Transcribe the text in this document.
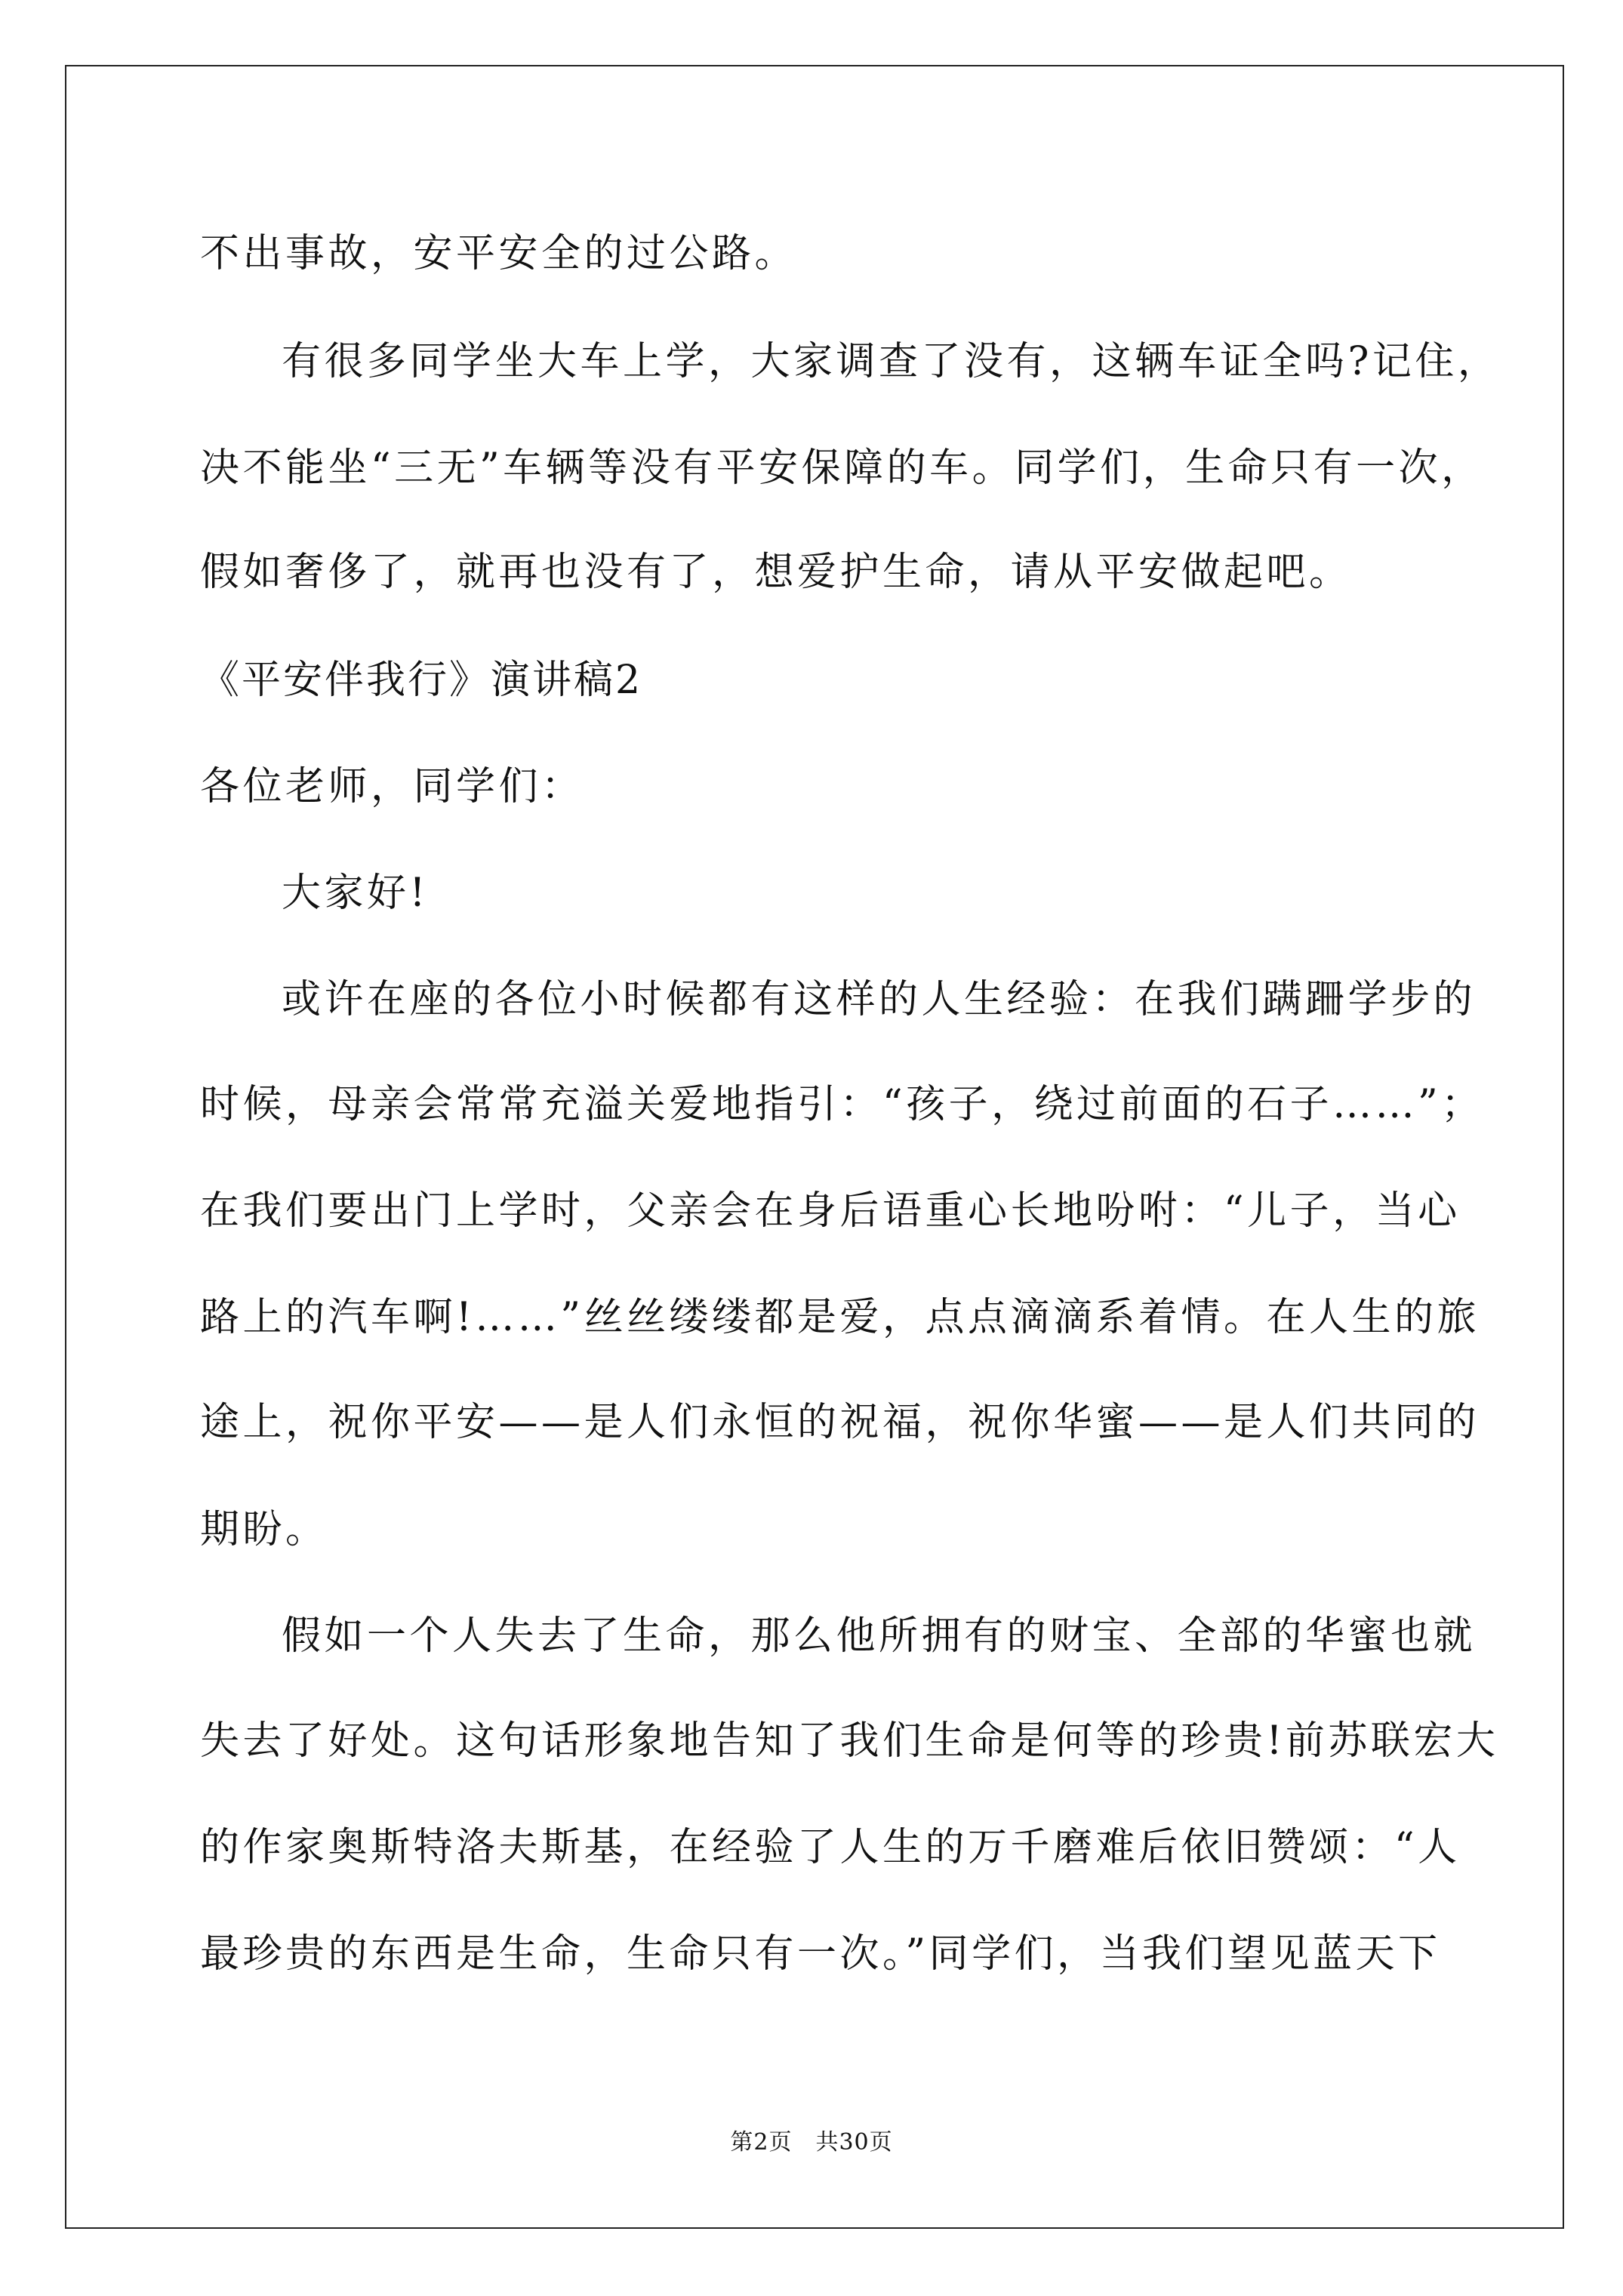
不出事故，安平安全的过公路。
有很多同学坐大车上学，大家调查了没有，这辆车证全吗?记住，
决不能坐“三无”车辆等没有平安保障的车。同学们，生命只有一次，
假如奢侈了，就再也没有了，想爱护生命，请从平安做起吧。
《平安伴我行》演讲稿2
各位老师，同学们：
大家好!
或许在座的各位小时候都有这样的人生经验：在我们蹒跚学步的
时候，母亲会常常充溢关爱地指引：“孩子，绕过前面的石子……”；
在我们要出门上学时，父亲会在身后语重心长地吩咐：“儿子，当心
路上的汽车啊!……”丝丝缕缕都是爱，点点滴滴系着情。在人生的旅
途上，祝你平安——是人们永恒的祝福，祝你华蜜——是人们共同的
期盼。
假如一个人失去了生命，那么他所拥有的财宝、全部的华蜜也就
失去了好处。这句话形象地告知了我们生命是何等的珍贵!前苏联宏大
的作家奥斯特洛夫斯基，在经验了人生的万千磨难后依旧赞颂：“人
最珍贵的东西是生命，生命只有一次。”同学们，当我们望见蓝天下
第2页　共30页
